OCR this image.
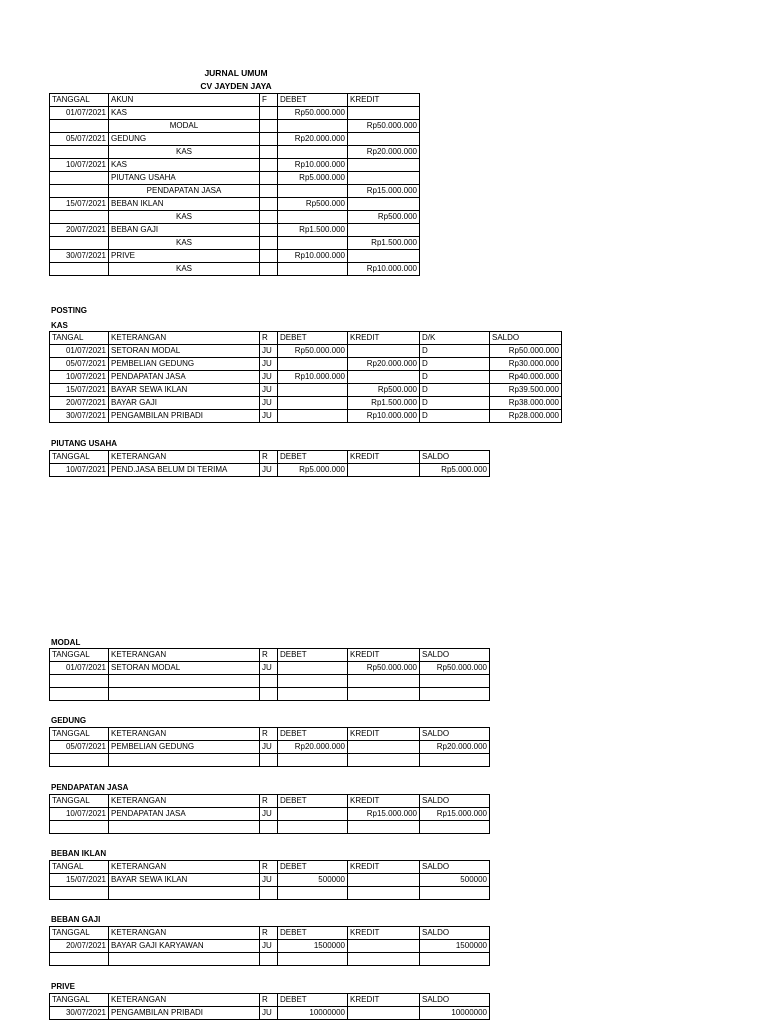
JURNAL UMUM
CV JAYDEN JAYA
TANGGAL	AKUN	F	DEBET	KREDIT
01/07/2021	KAS		Rp50.000.000	
	MODAL			Rp50.000.000
05/07/2021	GEDUNG		Rp20.000.000	
	KAS			Rp20.000.000
10/07/2021	KAS		Rp10.000.000	
	PIUTANG USAHA		Rp5.000.000	
	PENDAPATAN JASA			Rp15.000.000
15/07/2021	BEBAN IKLAN		Rp500.000	
	KAS			Rp500.000
20/07/2021	BEBAN GAJI		Rp1.500.000	
	KAS			Rp1.500.000
30/07/2021	PRIVE		Rp10.000.000	
	KAS			Rp10.000.000
POSTING
KAS
TANGAL	KETERANGAN	R	DEBET	KREDIT	D/K	SALDO
01/07/2021	SETORAN MODAL	JU	Rp50.000.000		D	Rp50.000.000
05/07/2021	PEMBELIAN GEDUNG	JU		Rp20.000.000	D	Rp30.000.000
10/07/2021	PENDAPATAN JASA	JU	Rp10.000.000		D	Rp40.000.000
15/07/2021	BAYAR SEWA IKLAN	JU		Rp500.000	D	Rp39.500.000
20/07/2021	BAYAR GAJI	JU		Rp1.500.000	D	Rp38.000.000
30/07/2021	PENGAMBILAN PRIBADI	JU		Rp10.000.000	D	Rp28.000.000
PIUTANG USAHA
TANGGAL	KETERANGAN	R	DEBET	KREDIT	SALDO
10/07/2021	PEND.JASA BELUM DI TERIMA	JU	Rp5.000.000		Rp5.000.000
MODAL
TANGGAL	KETERANGAN	R	DEBET	KREDIT	SALDO
01/07/2021	SETORAN MODAL	JU		Rp50.000.000	Rp50.000.000

GEDUNG
TANGGAL	KETERANGAN	R	DEBET	KREDIT	SALDO
05/07/2021	PEMBELIAN GEDUNG	JU	Rp20.000.000		Rp20.000.000

PENDAPATAN JASA
TANGGAL	KETERANGAN	R	DEBET	KREDIT	SALDO
10/07/2021	PENDAPATAN JASA	JU		Rp15.000.000	Rp15.000.000

BEBAN IKLAN
TANGAL	KETERANGAN	R	DEBET	KREDIT	SALDO
15/07/2021	BAYAR SEWA IKLAN	JU	500000		500000

BEBAN GAJI
TANGGAL	KETERANGAN	R	DEBET	KREDIT	SALDO
20/07/2021	BAYAR GAJI KARYAWAN	JU	1500000		1500000

PRIVE
TANGGAL	KETERANGAN	R	DEBET	KREDIT	SALDO
30/07/2021	PENGAMBILAN PRIBADI	JU	10000000		10000000
